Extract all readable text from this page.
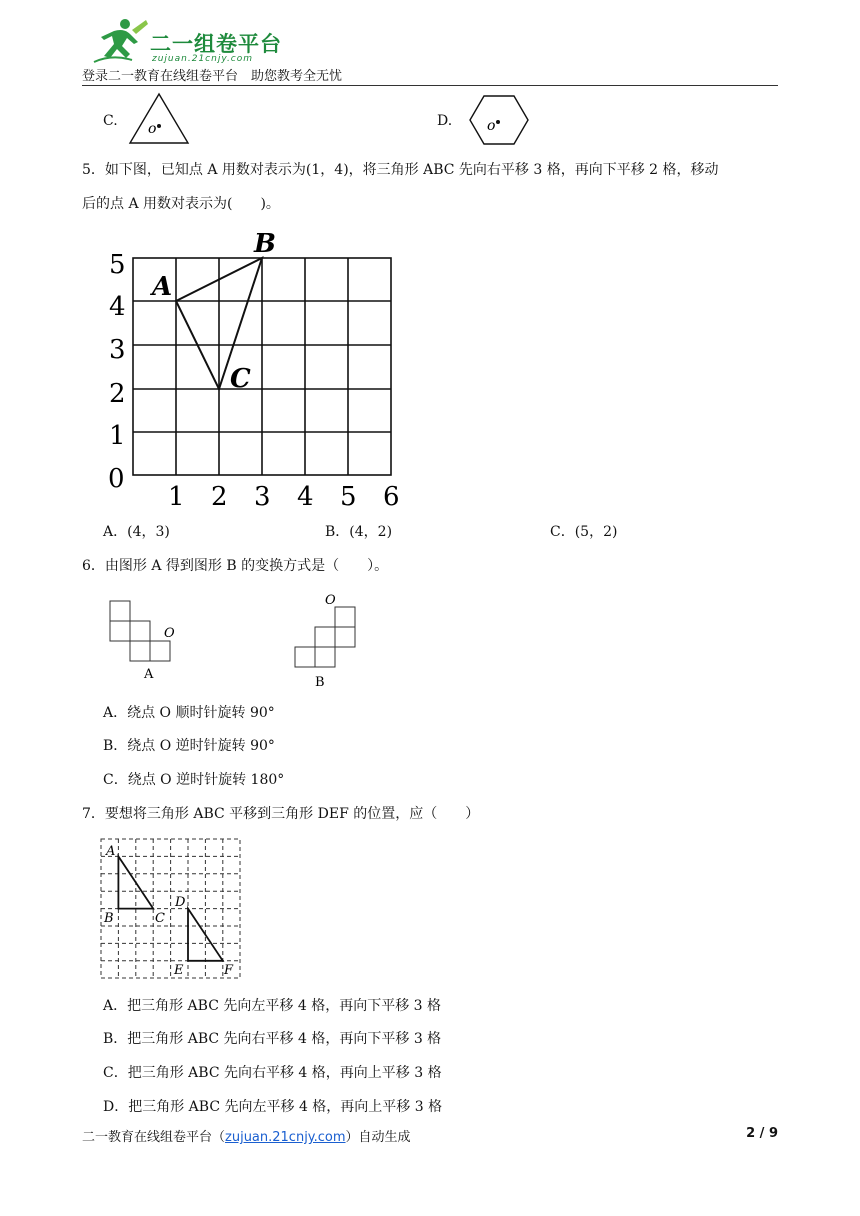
二一组卷平台
zujuan.21cnjy.com
登录二一教育在线组卷平台　助您教考全无忧
C. o	D. o
5．如下图，已知点 A 用数对表示为(1，4)，将三角形 ABC 先向右平移 3 格，再向下平移 2 格，移动
后的点 A 用数对表示为(　　)。
0
1 2 3 4 5 6
1
2
3
4
5
A
B
C
A．(4，3)	B．(4，2)	C．(5，2)
6．由图形 A 得到图形 B 的变换方式是（　　）。
O
A
O
B
A．绕点 O 顺时针旋转 90°
B．绕点 O 逆时针旋转 90°
C．绕点 O 逆时针旋转 180°
7．要想将三角形 ABC 平移到三角形 DEF 的位置，应（　　）
A
B	C
D
E	F
A．把三角形 ABC 先向左平移 4 格，再向下平移 3 格
B．把三角形 ABC 先向右平移 4 格，再向下平移 3 格
C．把三角形 ABC 先向右平移 4 格，再向上平移 3 格
D．把三角形 ABC 先向左平移 4 格，再向上平移 3 格
二一教育在线组卷平台（zujuan.21cnjy.com）自动生成	2 / 9
